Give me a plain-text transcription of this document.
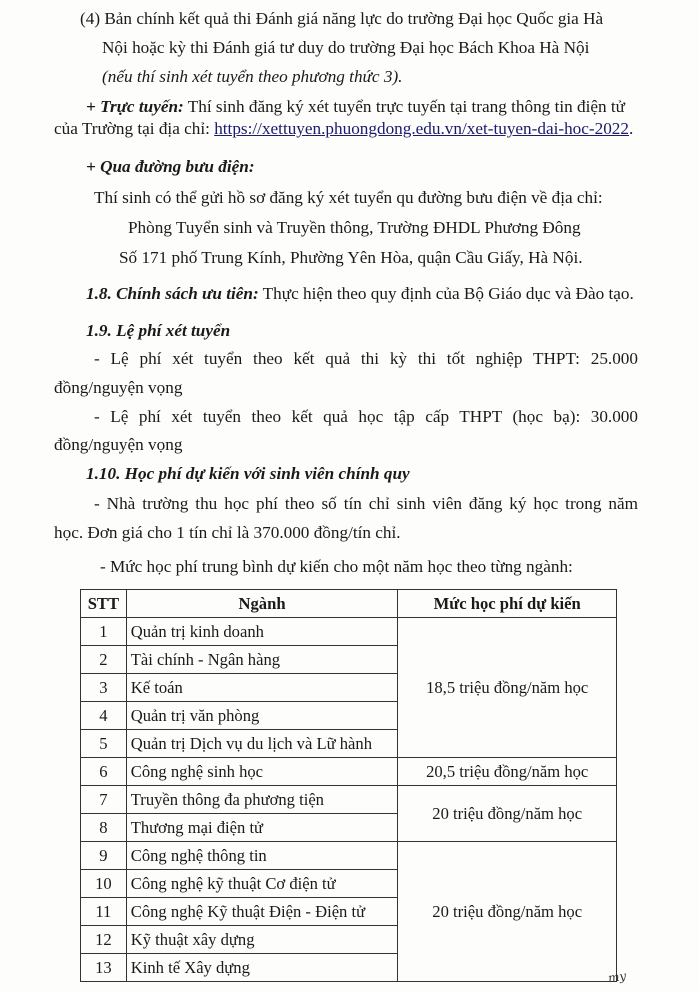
(4) Bản chính kết quả thi Đánh giá năng lực do trường Đại học Quốc gia Hà
Nội hoặc kỳ thi Đánh giá tư duy do trường Đại học Bách Khoa Hà Nội
(nếu thí sinh xét tuyển theo phương thức 3).
+ Trực tuyến: Thí sinh đăng ký xét tuyển trực tuyến tại trang thông tin điện tử
của Trường tại địa chỉ: https://xettuyen.phuongdong.edu.vn/xet-tuyen-dai-hoc-2022.
+ Qua đường bưu điện:
Thí sinh có thể gửi hồ sơ đăng ký xét tuyển qu đường bưu điện về địa chỉ:
Phòng Tuyển sinh và Truyền thông, Trường ĐHDL Phương Đông
Số 171 phố Trung Kính, Phường Yên Hòa, quận Cầu Giấy, Hà Nội.
1.8. Chính sách ưu tiên: Thực hiện theo quy định của Bộ Giáo dục và Đào tạo.
1.9. Lệ phí xét tuyển
- Lệ phí xét tuyển theo kết quả thi kỳ thi tốt nghiệp THPT: 25.000
đồng/nguyện vọng
- Lệ phí xét tuyển theo kết quả học tập cấp THPT (học bạ): 30.000
đồng/nguyện vọng
1.10. Học phí dự kiến với sinh viên chính quy
- Nhà trường thu học phí theo số tín chỉ sinh viên đăng ký học trong năm
học. Đơn giá cho 1 tín chỉ là 370.000 đồng/tín chỉ.
- Mức học phí trung bình dự kiến cho một năm học theo từng ngành:
STT	Ngành	Mức học phí dự kiến
1	Quản trị kinh doanh	18,5 triệu đồng/năm học
2	Tài chính - Ngân hàng	
3	Kế toán	
4	Quản trị văn phòng	
5	Quản trị Dịch vụ du lịch và Lữ hành	
6	Công nghệ sinh học	20,5 triệu đồng/năm học
7	Truyền thông đa phương tiện	20 triệu đồng/năm học
8	Thương mại điện tử	
9	Công nghệ thông tin	20 triệu đồng/năm học
10	Công nghệ kỹ thuật Cơ điện tử	
11	Công nghệ Kỹ thuật Điện - Điện tử	
12	Kỹ thuật xây dựng	
13	Kinh tế Xây dựng	
my
